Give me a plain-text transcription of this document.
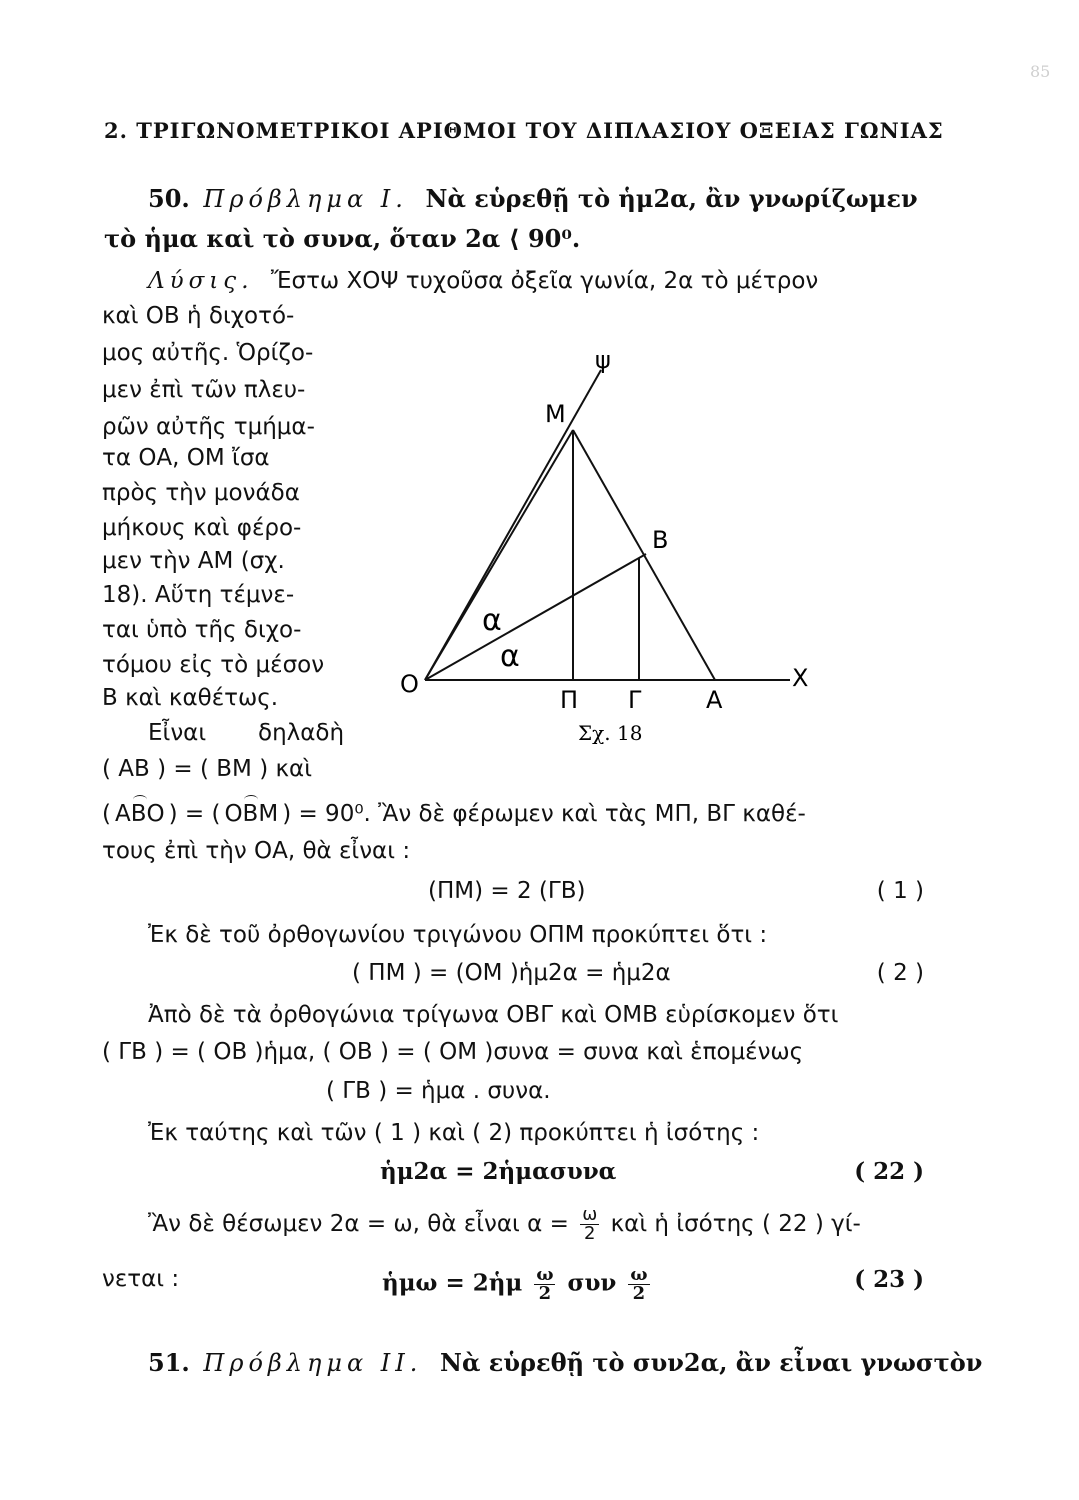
2. ΤΡΙΓΩΝΟΜΕΤΡΙΚΟΙ ΑΡΙΘΜΟΙ ΤΟΥ ΔΙΠΛΑΣΙΟΥ ΟΞΕΙΑΣ ΓΩΝΙΑΣ
85
50. Πρόβλημα Ι. Νὰ εὑρεθῇ τὸ ἡμ2α, ἂν γνωρίζωμεν
τὸ ἡμα καὶ τὸ συνα, ὅταν 2α ⟨ 90⁰.
Λύσις. Ἔστω ΧΟΨ τυχοῦσα ὀξεῖα γωνία, 2α τὸ μέτρον
καὶ ΟΒ ἡ διχοτό-
μος αὐτῆς. Ὁρίζο-
μεν ἐπὶ τῶν πλευ-
ρῶν αὐτῆς τμήμα-
τα ΟΑ, ΟΜ ἴσα
πρὸς τὴν μονάδα
μήκους καὶ φέρο-
μεν τὴν ΑΜ (σχ.
18). Αὕτη τέμνε-
ται ὑπὸ τῆς διχο-
τόμου εἰς τὸ μέσον
Β καὶ καθέτως.
Εἶναι δηλαδὴ
( ΑΒ ) = ( ΒΜ ) καὶ
ψ
Μ
Β
Ο	Χ
Π Γ	Α
α
α
Σχ. 18
( ΑΒΟ ) = ( ΟΒΜ ) = 90⁰. Ἂν δὲ φέρωμεν καὶ τὰς ΜΠ, ΒΓ καθέ-
τους ἐπὶ τὴν ΟΑ, θὰ εἶναι :
(ΠΜ) = 2 (ΓΒ)	( 1 )
Ἐκ δὲ τοῦ ὀρθογωνίου τριγώνου ΟΠΜ προκύπτει ὅτι :
( ΠΜ ) = (ΟΜ )ἡμ2α = ἡμ2α	( 2 )
Ἀπὸ δὲ τὰ ὀρθογώνια τρίγωνα ΟΒΓ καὶ ΟΜΒ εὑρίσκομεν ὅτι
( ΓΒ ) = ( ΟΒ )ἡμα, ( ΟΒ ) = ( ΟΜ )συνα = συνα καὶ ἑπομένως
( ΓΒ ) = ἡμα . συνα.
Ἐκ ταύτης καὶ τῶν ( 1 ) καὶ ( 2) προκύπτει ἡ ἰσότης :
ἡμ2α = 2ἡμασυνα	( 22 )
Ἂν δὲ θέσωμεν 2α = ω, θὰ εἶναι $\alpha = \frac{\omega}{2}$ καὶ ἡ ἰσότης ( 22 ) γί-
νεται :	ἡμω = 2ἡμ $\frac{\omega}{2}$ συν $\frac{\omega}{2}$	( 23 )
51. Πρόβλημα ΙΙ. Νὰ εὑρεθῇ τὸ συν2α, ἂν εἶναι γνωστὸν
